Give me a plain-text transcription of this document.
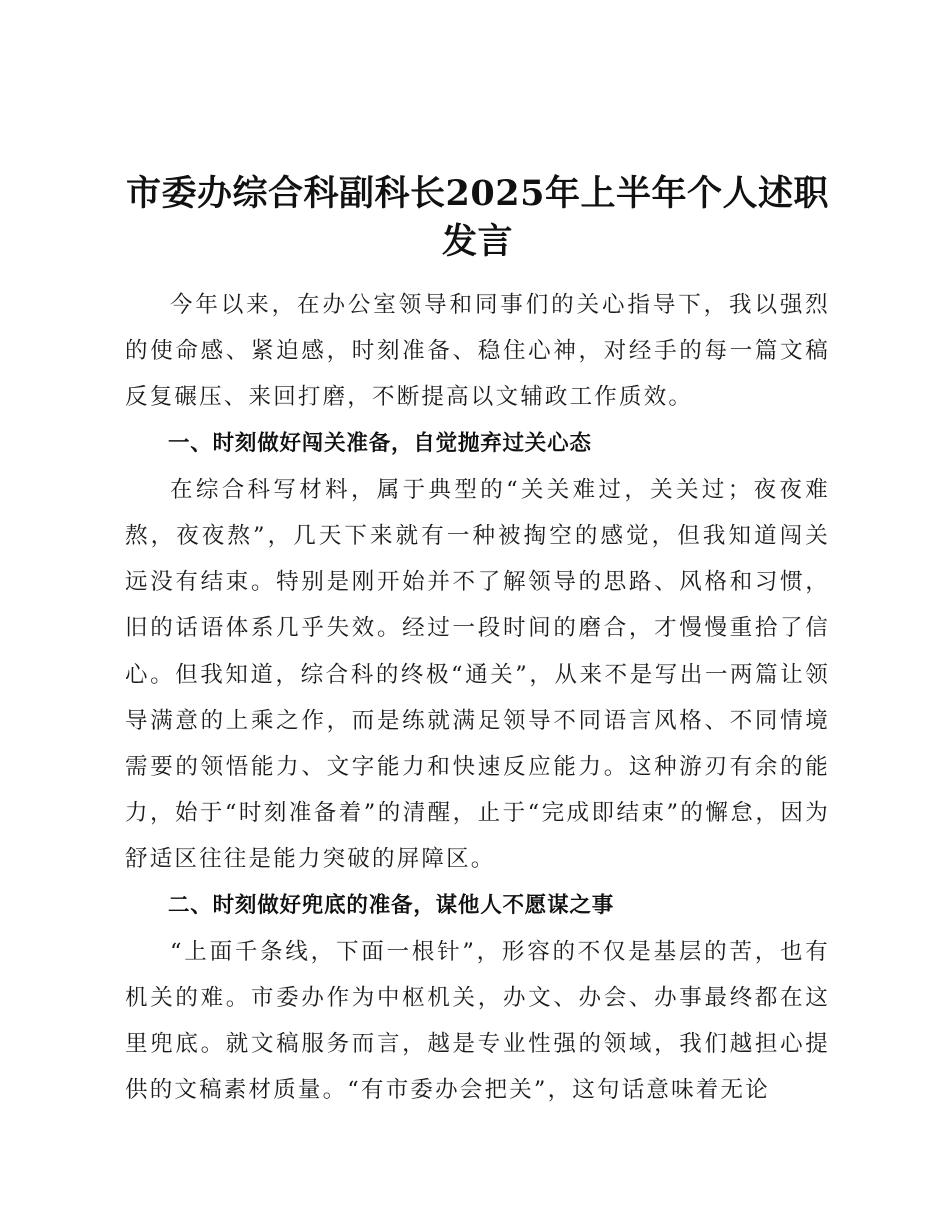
市委办综合科副科长2025年上半年个人述职发言

今年以来，在办公室领导和同事们的关心指导下，我以强烈的使命感、紧迫感，时刻准备、稳住心神，对经手的每一篇文稿反复碾压、来回打磨，不断提高以文辅政工作质效。

一、时刻做好闯关准备，自觉抛弃过关心态

在综合科写材料，属于典型的“关关难过，关关过；夜夜难熬，夜夜熬”，几天下来就有一种被掏空的感觉，但我知道闯关远没有结束。特别是刚开始并不了解领导的思路、风格和习惯，旧的话语体系几乎失效。经过一段时间的磨合，才慢慢重拾了信心。但我知道，综合科的终极“通关”，从来不是写出一两篇让领导满意的上乘之作，而是练就满足领导不同语言风格、不同情境需要的领悟能力、文字能力和快速反应能力。这种游刃有余的能力，始于“时刻准备着”的清醒，止于“完成即结束”的懈怠，因为舒适区往往是能力突破的屏障区。

二、时刻做好兜底的准备，谋他人不愿谋之事

“上面千条线，下面一根针”，形容的不仅是基层的苦，也有机关的难。市委办作为中枢机关，办文、办会、办事最终都在这里兜底。就文稿服务而言，越是专业性强的领域，我们越担心提供的文稿素材质量。“有市委办会把关”，这句话意味着无论
